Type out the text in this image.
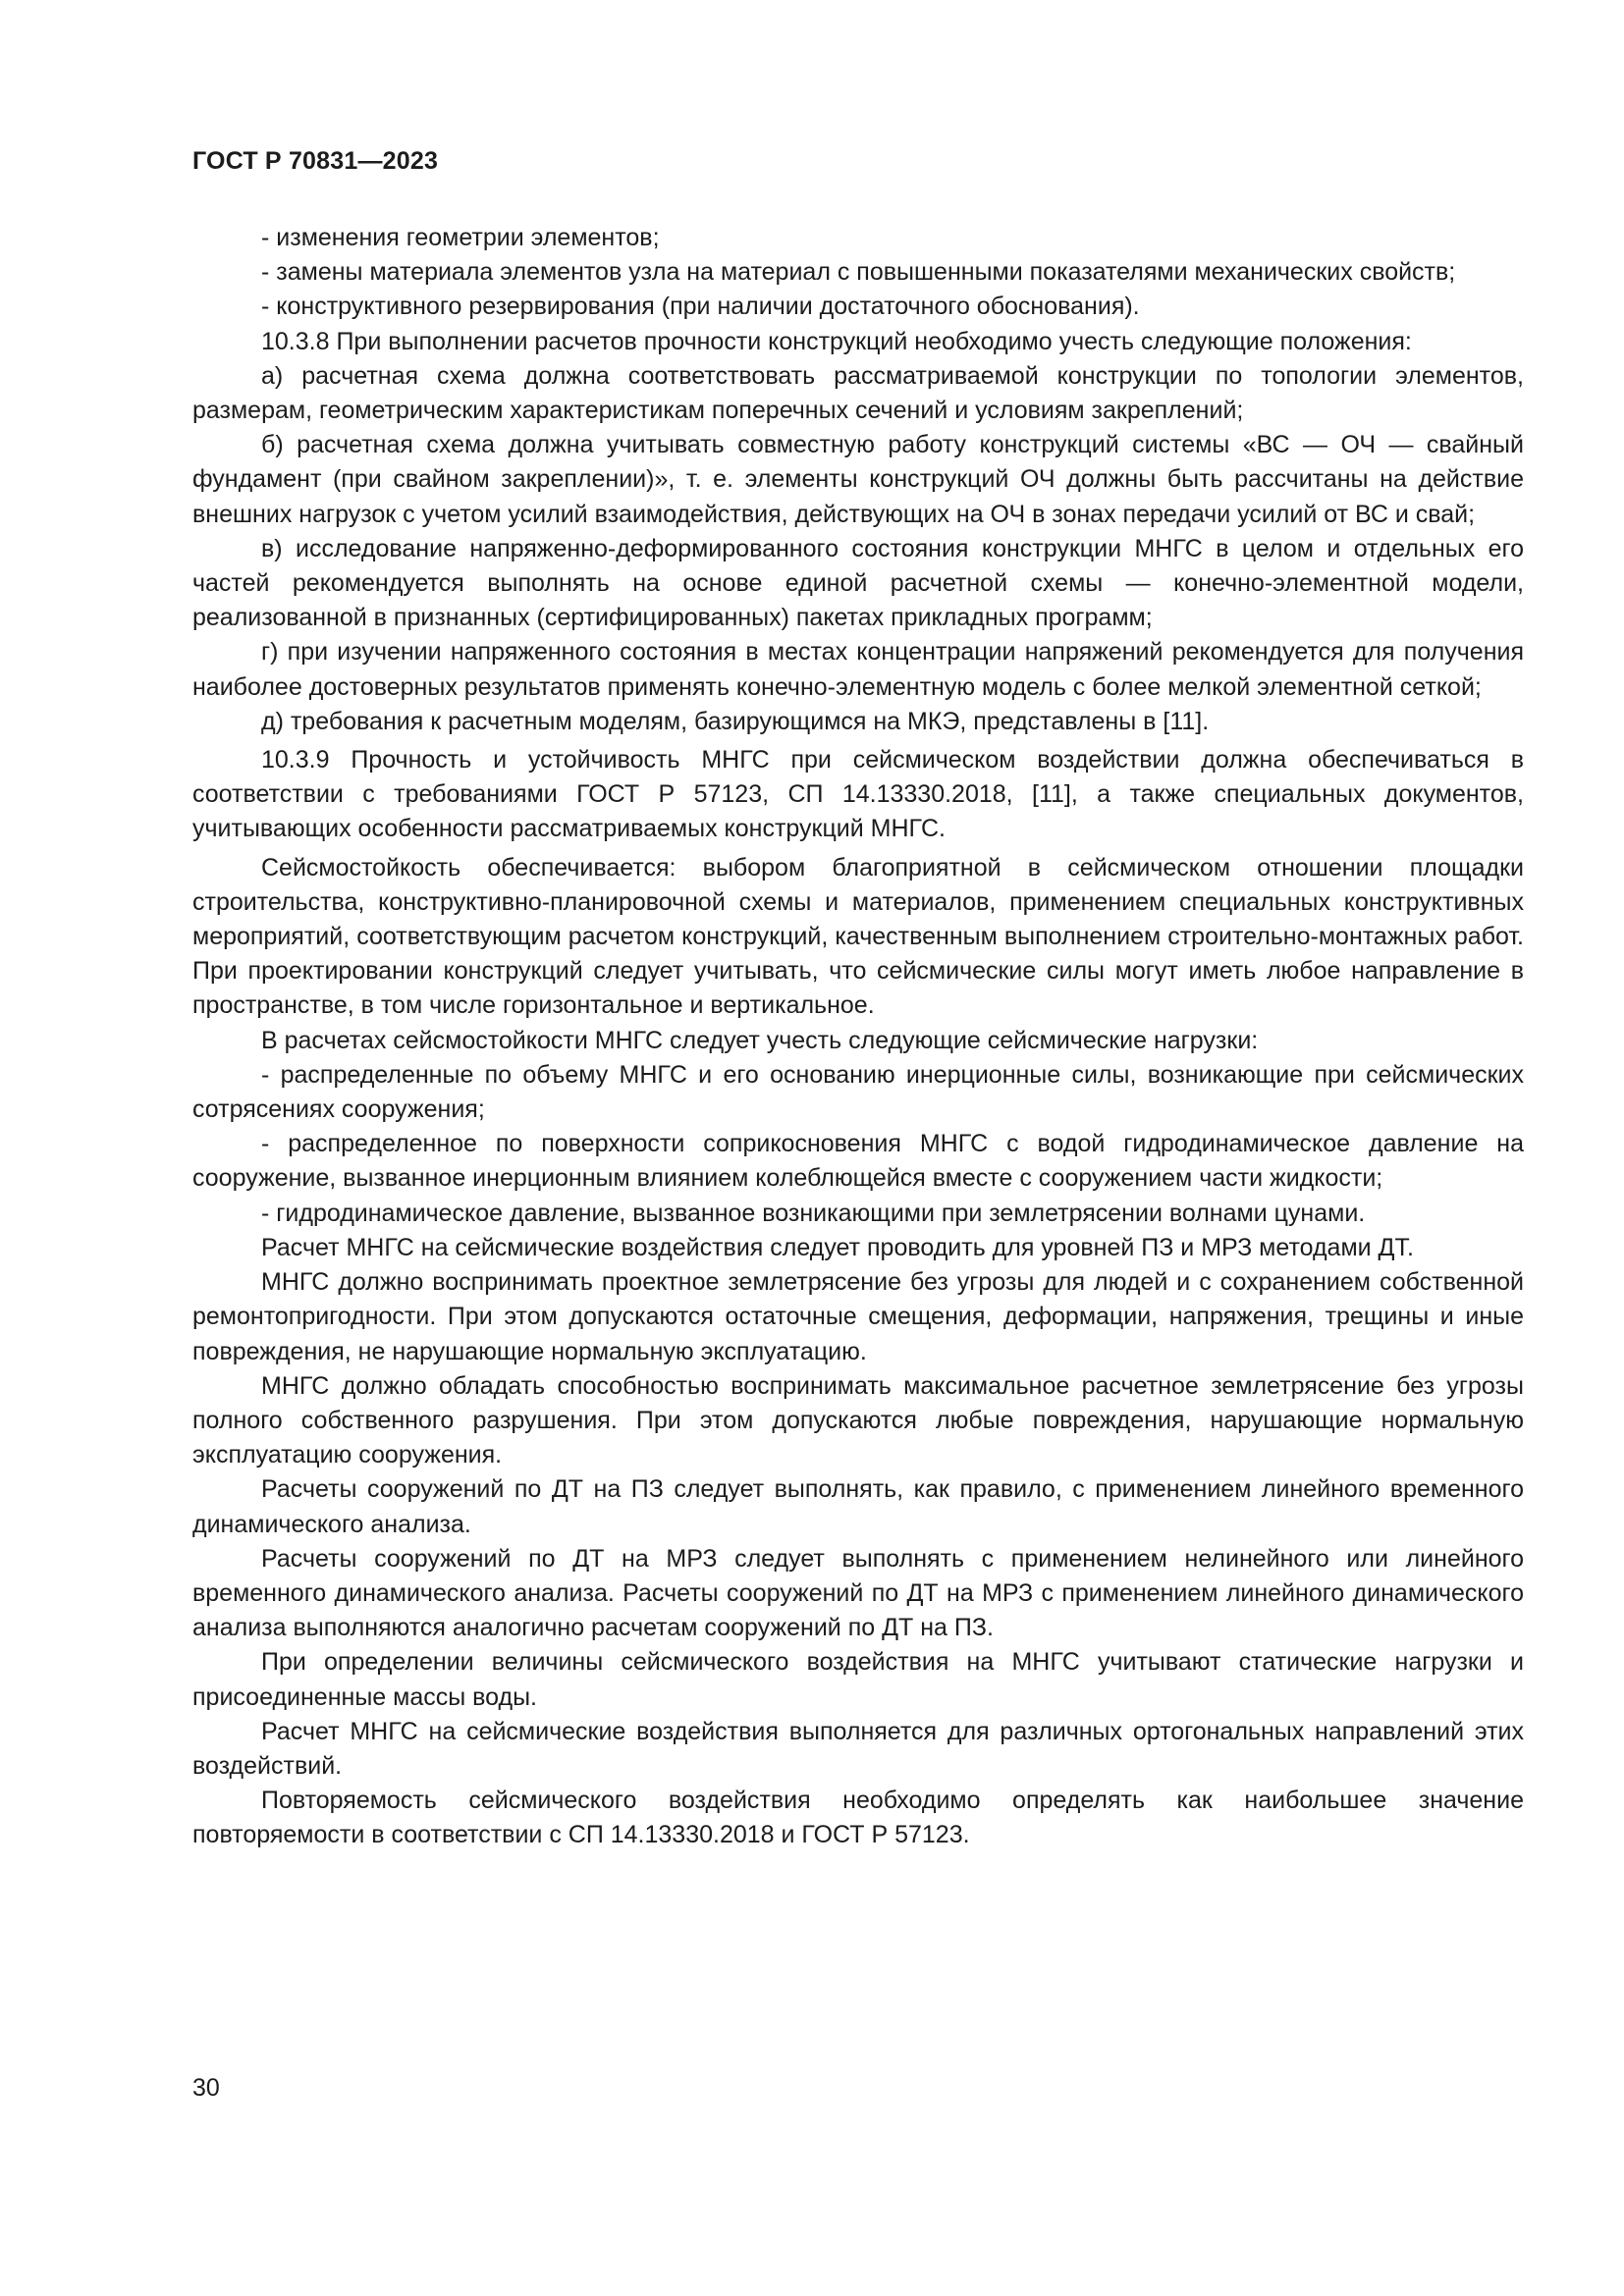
ГОСТ Р 70831—2023

- изменения геометрии элементов;

- замены материала элементов узла на материал с повышенными показателями механических свойств;

- конструктивного резервирования (при наличии достаточного обоснования).

10.3.8 При выполнении расчетов прочности конструкций необходимо учесть следующие положения:

а) расчетная схема должна соответствовать рассматриваемой конструкции по топологии элементов, размерам, геометрическим характеристикам поперечных сечений и условиям закреплений;

б) расчетная схема должна учитывать совместную работу конструкций системы «ВС — ОЧ — свайный фундамент (при свайном закреплении)», т. е. элементы конструкций ОЧ должны быть рассчитаны на действие внешних нагрузок с учетом усилий взаимодействия, действующих на ОЧ в зонах передачи усилий от ВС и свай;

в) исследование напряженно-деформированного состояния конструкции МНГС в целом и отдельных его частей рекомендуется выполнять на основе единой расчетной схемы — конечно-элементной модели, реализованной в признанных (сертифицированных) пакетах прикладных программ;

г) при изучении напряженного состояния в местах концентрации напряжений рекомендуется для получения наиболее достоверных результатов применять конечно-элементную модель с более мелкой элементной сеткой;

д) требования к расчетным моделям, базирующимся на МКЭ, представлены в [11].

10.3.9 Прочность и устойчивость МНГС при сейсмическом воздействии должна обеспечиваться в соответствии с требованиями ГОСТ Р 57123, СП 14.13330.2018, [11], а также специальных документов, учитывающих особенности рассматриваемых конструкций МНГС.

Сейсмостойкость обеспечивается: выбором благоприятной в сейсмическом отношении площадки строительства, конструктивно-планировочной схемы и материалов, применением специальных конструктивных мероприятий, соответствующим расчетом конструкций, качественным выполнением строительно-монтажных работ. При проектировании конструкций следует учитывать, что сейсмические силы могут иметь любое направление в пространстве, в том числе горизонтальное и вертикальное.

В расчетах сейсмостойкости МНГС следует учесть следующие сейсмические нагрузки:

- распределенные по объему МНГС и его основанию инерционные силы, возникающие при сейсмических сотрясениях сооружения;

- распределенное по поверхности соприкосновения МНГС с водой гидродинамическое давление на сооружение, вызванное инерционным влиянием колеблющейся вместе с сооружением части жидкости;

- гидродинамическое давление, вызванное возникающими при землетрясении волнами цунами.

Расчет МНГС на сейсмические воздействия следует проводить для уровней ПЗ и МРЗ методами ДТ.

МНГС должно воспринимать проектное землетрясение без угрозы для людей и с сохранением собственной ремонтопригодности. При этом допускаются остаточные смещения, деформации, напряжения, трещины и иные повреждения, не нарушающие нормальную эксплуатацию.

МНГС должно обладать способностью воспринимать максимальное расчетное землетрясение без угрозы полного собственного разрушения. При этом допускаются любые повреждения, нарушающие нормальную эксплуатацию сооружения.

Расчеты сооружений по ДТ на ПЗ следует выполнять, как правило, с применением линейного временного динамического анализа.

Расчеты сооружений по ДТ на МРЗ следует выполнять с применением нелинейного или линейного временного динамического анализа. Расчеты сооружений по ДТ на МРЗ с применением линейного динамического анализа выполняются аналогично расчетам сооружений по ДТ на ПЗ.

При определении величины сейсмического воздействия на МНГС учитывают статические нагрузки и присоединенные массы воды.

Расчет МНГС на сейсмические воздействия выполняется для различных ортогональных направлений этих воздействий.

Повторяемость сейсмического воздействия необходимо определять как наибольшее значение повторяемости в соответствии с СП 14.13330.2018 и ГОСТ Р 57123.

30
